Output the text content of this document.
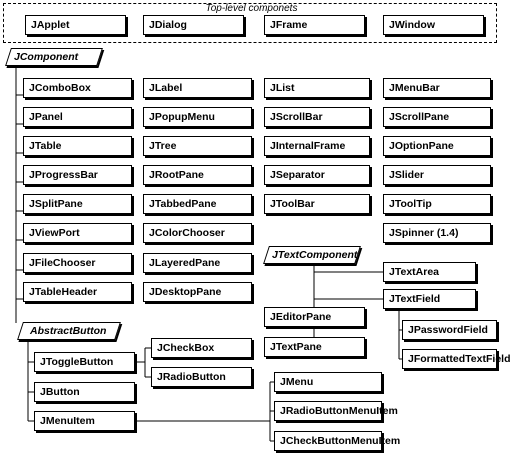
Top-level componets
JApplet	JDialog	JFrame	JWindow
JComponent
JComboBox	JLabel	JList	JMenuBar
JPanel	JPopupMenu	JScrollBar	JScrollPane
JTable	JTree	JInternalFrame	JOptionPane
JProgressBar	JRootPane	JSeparator	JSlider
JSplitPane	JTabbedPane	JToolBar	JToolTip
JViewPort	JColorChooser	JSpinner (1.4)
JFileChooser	JLayeredPane
JTableHeader	JDesktopPane
JTextComponent
JTextArea
JTextField
JEditorPane
JTextPane
JPasswordField
JFormattedTextField
AbstractButton
JToggleButton
JButton
JMenuItem
JCheckBox
JRadioButton	JMenu
JRadioButtonMenuItem
JCheckButtonMenuItem
